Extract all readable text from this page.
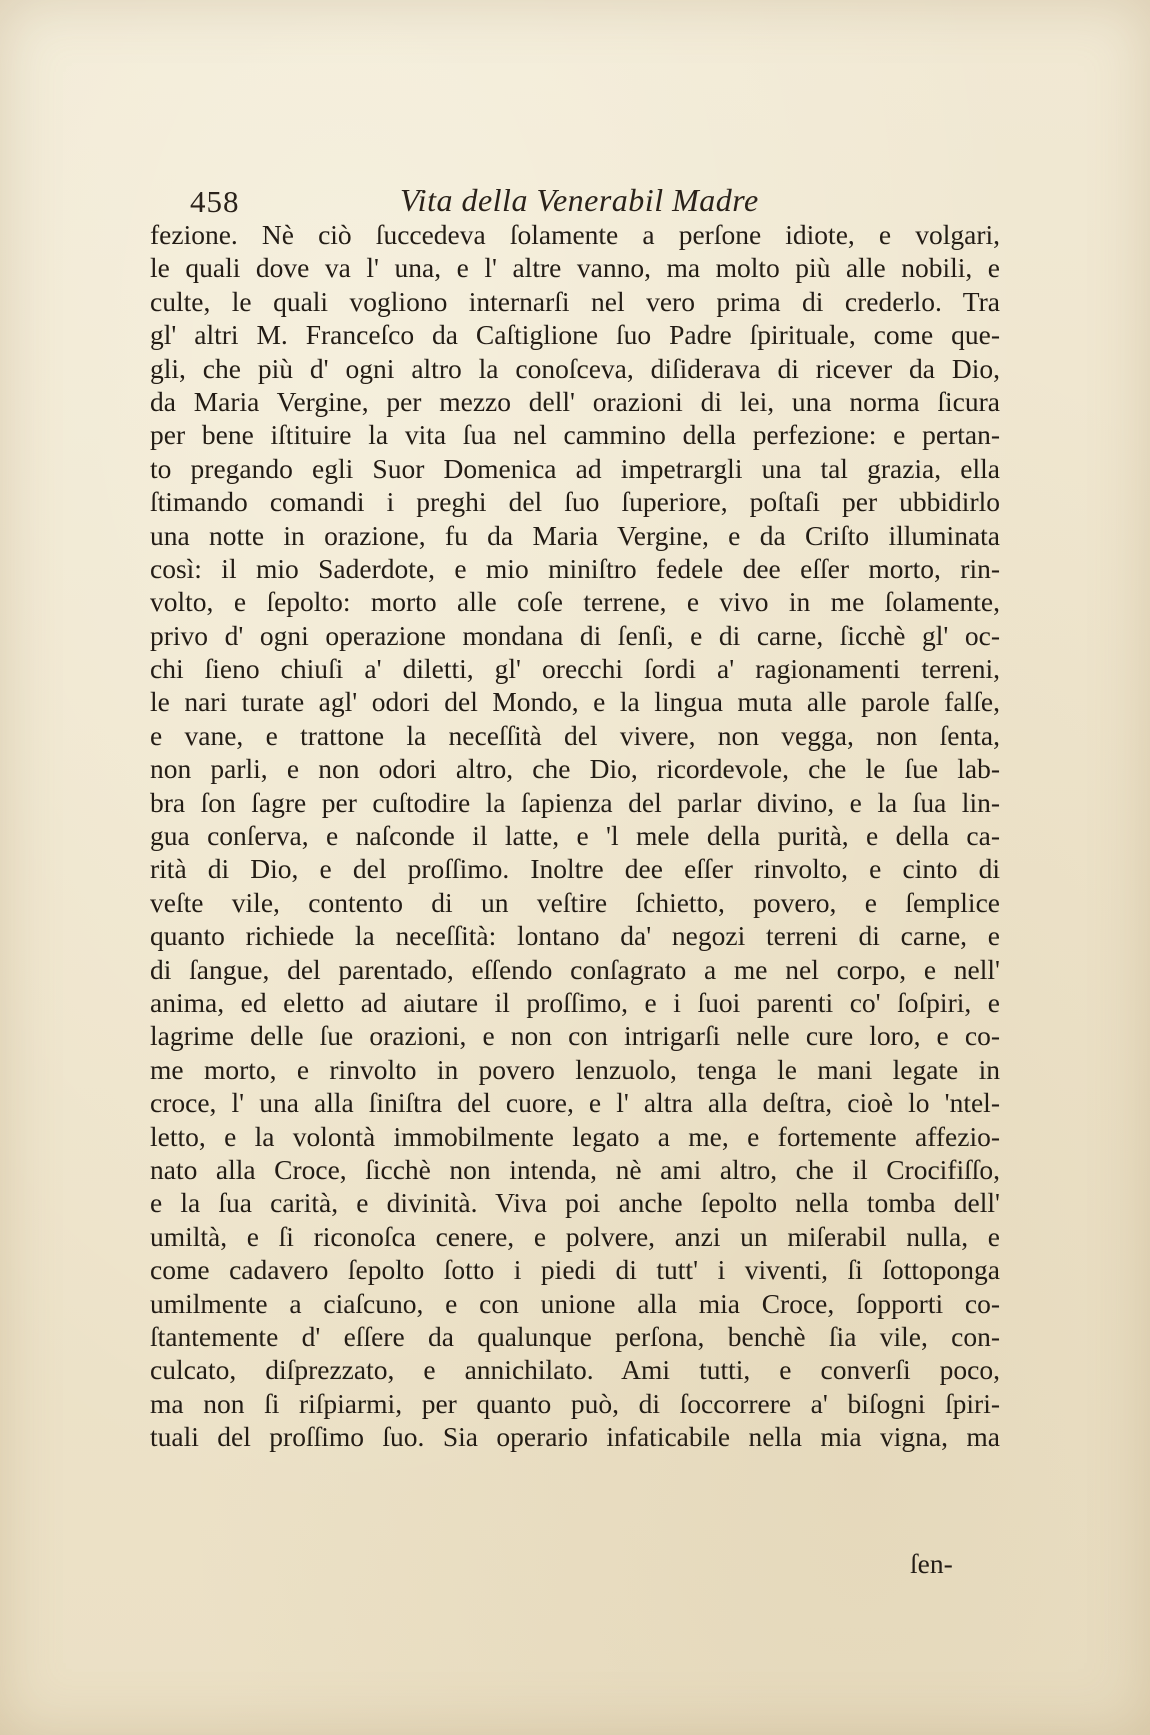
458	Vita della Venerabil Madre
fezione. Nè ciò ſuccedeva ſolamente a perſone idiote, e volgari,
le quali dove va l' una, e l' altre vanno, ma molto più alle nobili, e
culte, le quali vogliono internarſi nel vero prima di crederlo. Tra
gl' altri M. Franceſco da Caſtiglione ſuo Padre ſpirituale, come que-
gli, che più d' ogni altro la conoſceva, diſiderava di ricever da Dio,
da Maria Vergine, per mezzo dell' orazioni di lei, una norma ſicura
per bene iſtituire la vita ſua nel cammino della perfezione: e pertan-
to pregando egli Suor Domenica ad impetrargli una tal grazia, ella
ſtimando comandi i preghi del ſuo ſuperiore, poſtaſi per ubbidirlo
una notte in orazione, fu da Maria Vergine, e da Criſto illuminata
così: il mio Saderdote, e mio miniſtro fedele dee eſſer morto, rin-
volto, e ſepolto: morto alle coſe terrene, e vivo in me ſolamente,
privo d' ogni operazione mondana di ſenſi, e di carne, ſicchè gl' oc-
chi ſieno chiuſi a' diletti, gl' orecchi ſordi a' ragionamenti terreni,
le nari turate agl' odori del Mondo, e la lingua muta alle parole falſe,
e vane, e trattone la neceſſità del vivere, non vegga, non ſenta,
non parli, e non odori altro, che Dio, ricordevole, che le ſue lab-
bra ſon ſagre per cuſtodire la ſapienza del parlar divino, e la ſua lin-
gua conſerva, e naſconde il latte, e 'l mele della purità, e della ca-
rità di Dio, e del proſſimo. Inoltre dee eſſer rinvolto, e cinto di
veſte vile, contento di un veſtire ſchietto, povero, e ſemplice
quanto richiede la neceſſità: lontano da' negozi terreni di carne, e
di ſangue, del parentado, eſſendo conſagrato a me nel corpo, e nell'
anima, ed eletto ad aiutare il proſſimo, e i ſuoi parenti co' ſoſpiri, e
lagrime delle ſue orazioni, e non con intrigarſi nelle cure loro, e co-
me morto, e rinvolto in povero lenzuolo, tenga le mani legate in
croce, l' una alla ſiniſtra del cuore, e l' altra alla deſtra, cioè lo 'ntel-
letto, e la volontà immobilmente legato a me, e fortemente affezio-
nato alla Croce, ſicchè non intenda, nè ami altro, che il Crocifiſſo,
e la ſua carità, e divinità. Viva poi anche ſepolto nella tomba dell'
umiltà, e ſi riconoſca cenere, e polvere, anzi un miſerabil nulla, e
come cadavero ſepolto ſotto i piedi di tutt' i viventi, ſi ſottoponga
umilmente a ciaſcuno, e con unione alla mia Croce, ſopporti co-
ſtantemente d' eſſere da qualunque perſona, benchè ſia vile, con-
culcato, diſprezzato, e annichilato. Ami tutti, e converſi poco,
ma non ſi riſpiarmi, per quanto può, di ſoccorrere a' biſogni ſpiri-
tuali del proſſimo ſuo. Sia operario infaticabile nella mia vigna, ma
ſen-
